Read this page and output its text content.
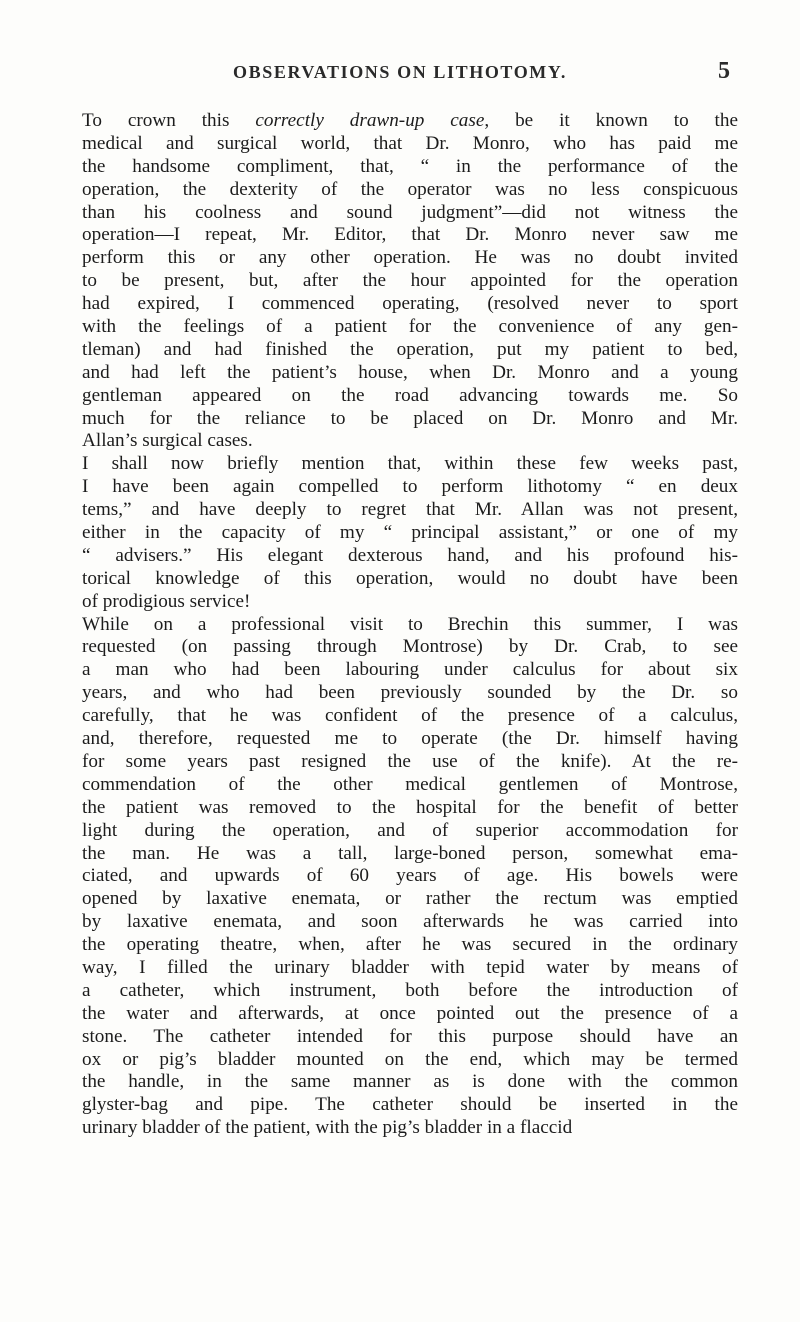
OBSERVATIONS ON LITHOTOMY.	5
To crown this correctly drawn-up case, be it known to the
medical and surgical world, that Dr. Monro, who has paid me
the handsome compliment, that, “ in the performance of the
operation, the dexterity of the operator was no less conspicuous
than his coolness and sound judgment”—did not witness the
operation—I repeat, Mr. Editor, that Dr. Monro never saw me
perform this or any other operation. He was no doubt invited
to be present, but, after the hour appointed for the operation
had expired, I commenced operating, (resolved never to sport
with the feelings of a patient for the convenience of any gen-
tleman) and had finished the operation, put my patient to bed,
and had left the patient’s house, when Dr. Monro and a young
gentleman appeared on the road advancing towards me. So
much for the reliance to be placed on Dr. Monro and Mr.
Allan’s surgical cases.
I shall now briefly mention that, within these few weeks past,
I have been again compelled to perform lithotomy “ en deux
tems,” and have deeply to regret that Mr. Allan was not present,
either in the capacity of my “ principal assistant,” or one of my
“ advisers.” His elegant dexterous hand, and his profound his-
torical knowledge of this operation, would no doubt have been
of prodigious service!
While on a professional visit to Brechin this summer, I was
requested (on passing through Montrose) by Dr. Crab, to see
a man who had been labouring under calculus for about six
years, and who had been previously sounded by the Dr. so
carefully, that he was confident of the presence of a calculus,
and, therefore, requested me to operate (the Dr. himself having
for some years past resigned the use of the knife). At the re-
commendation of the other medical gentlemen of Montrose,
the patient was removed to the hospital for the benefit of better
light during the operation, and of superior accommodation for
the man. He was a tall, large-boned person, somewhat ema-
ciated, and upwards of 60 years of age. His bowels were
opened by laxative enemata, or rather the rectum was emptied
by laxative enemata, and soon afterwards he was carried into
the operating theatre, when, after he was secured in the ordinary
way, I filled the urinary bladder with tepid water by means of
a catheter, which instrument, both before the introduction of
the water and afterwards, at once pointed out the presence of a
stone. The catheter intended for this purpose should have an
ox or pig’s bladder mounted on the end, which may be termed
the handle, in the same manner as is done with the common
glyster-bag and pipe. The catheter should be inserted in the
urinary bladder of the patient, with the pig’s bladder in a flaccid
